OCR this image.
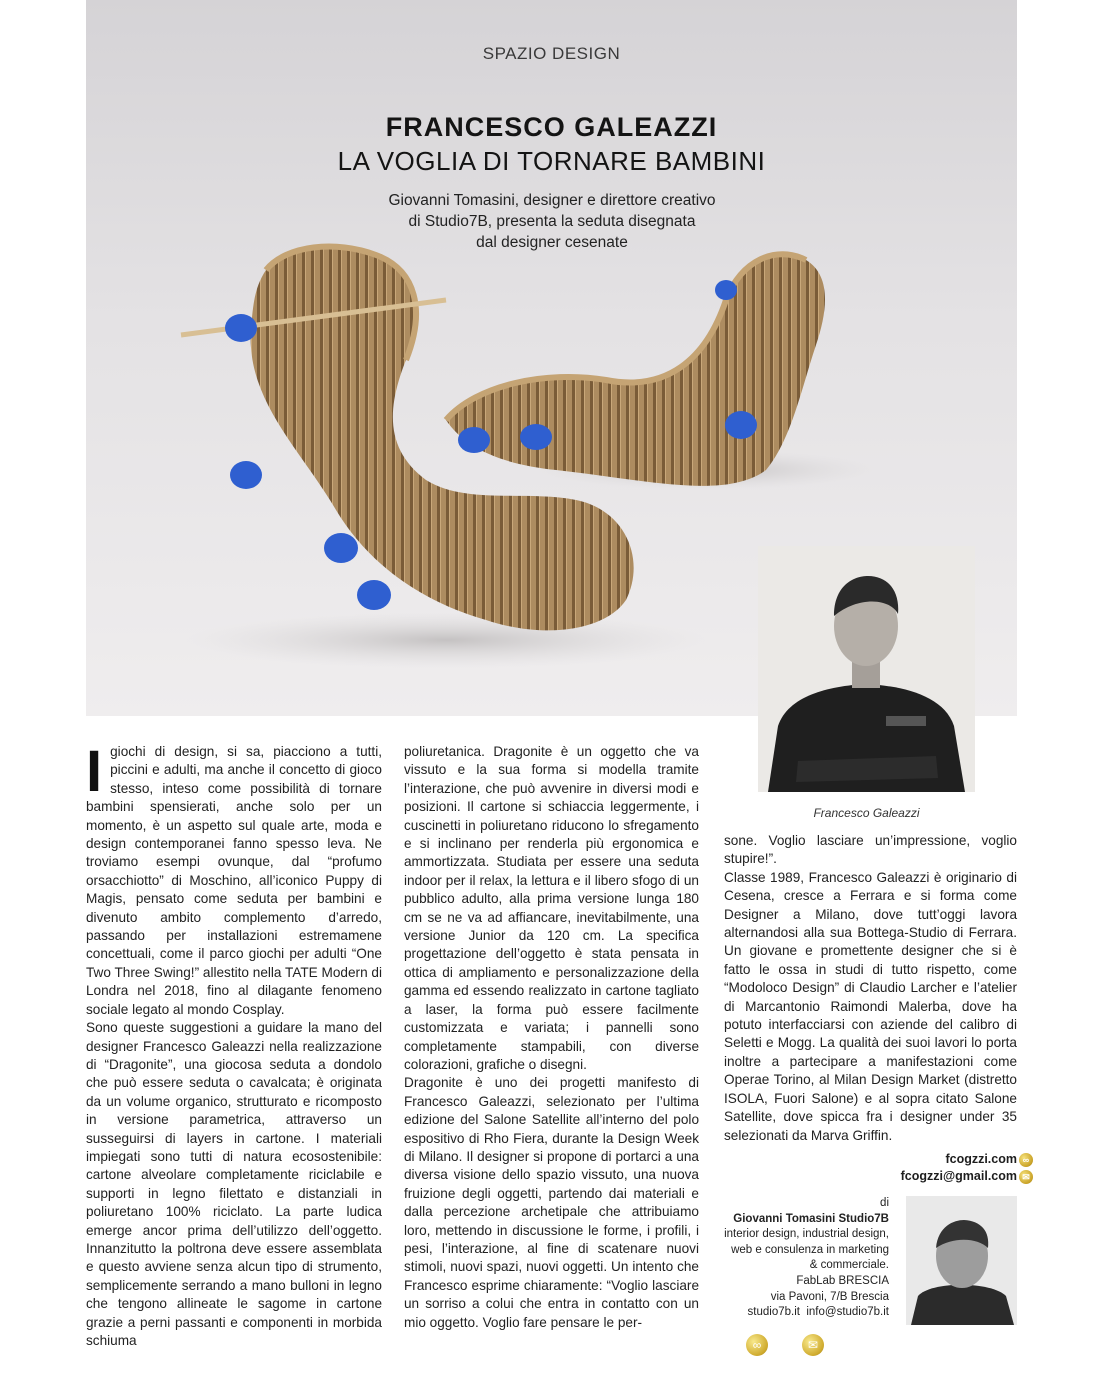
SPAZIO DESIGN
FRANCESCO GALEAZZI
LA VOGLIA DI TORNARE BAMBINI
Giovanni Tomasini, designer e direttore creativo
di Studio7B, presenta la seduta disegnata
dal designer cesenate
Francesco Galeazzi
I giochi di design, si sa, piacciono a tutti, piccini e adulti, ma anche il concetto di gioco stesso, inteso come possibilità di tornare bambini spensierati, anche solo per un momento, è un aspetto sul quale arte, moda e design contemporanei fanno spesso leva. Ne troviamo esempi ovunque, dal “profumo orsacchiotto” di Moschino, all’iconico Puppy di Magis, pensato come seduta per bambini e divenuto ambito complemento d’arredo, passando per installazioni estremamene concettuali, come il parco giochi per adulti “One Two Three Swing!” allestito nella TATE Modern di Londra nel 2018, fino al dilagante fenomeno sociale legato al mondo Cosplay.

Sono queste suggestioni a guidare la mano del designer Francesco Galeazzi nella realizzazione di “Dragonite”, una giocosa seduta a dondolo che può essere seduta o cavalcata; è originata da un volume organico, strutturato e ricomposto in versione parametrica, attraverso un susseguirsi di layers in cartone. I materiali impiegati sono tutti di natura ecosostenibile: cartone alveolare completamente riciclabile e supporti in legno filettato e distanziali in poliuretano 100% riciclato. La parte ludica emerge ancor prima dell’utilizzo dell’oggetto. Innanzitutto la poltrona deve essere assemblata e questo avviene senza alcun tipo di strumento, semplicemente serrando a mano bulloni in legno che tengono allineate le sagome in cartone grazie a perni passanti e componenti in morbida schiuma

poliuretanica. Dragonite è un oggetto che va vissuto e la sua forma si modella tramite l’interazione, che può avvenire in diversi modi e posizioni. Il cartone si schiaccia leggermente, i cuscinetti in poliuretano riducono lo sfregamento e si inclinano per renderla più ergonomica e ammortizzata. Studiata per essere una seduta indoor per il relax, la lettura e il libero sfogo di un pubblico adulto, alla prima versione lunga 180 cm se ne va ad affiancare, inevitabilmente, una versione Junior da 120 cm. La specifica progettazione dell’oggetto è stata pensata in ottica di ampliamento e personalizzazione della gamma ed essendo realizzato in cartone tagliato a laser, la forma può essere facilmente customizzata e variata; i pannelli sono completamente stampabili, con diverse colorazioni, grafiche o disegni.

Dragonite è uno dei progetti manifesto di Francesco Galeazzi, selezionato per l’ultima edizione del Salone Satellite all’interno del polo espositivo di Rho Fiera, durante la Design Week di Milano. Il designer si propone di portarci a una diversa visione dello spazio vissuto, una nuova fruizione degli oggetti, partendo dai materiali e dalla percezione archetipale che attribuiamo loro, mettendo in discussione le forme, i profili, i pesi, l’interazione, al fine di scatenare nuovi stimoli, nuovi spazi, nuovi oggetti. Un intento che Francesco esprime chiaramente: “Voglio lasciare un sorriso a colui che entra in contatto con un mio oggetto. Voglio fare pensare le per-

sone. Voglio lasciare un’impressione, voglio stupire!”.

Classe 1989, Francesco Galeazzi è originario di Cesena, cresce a Ferrara e si forma come Designer a Milano, dove tutt’oggi lavora alternandosi alla sua Bottega-Studio di Ferrara. Un giovane e promettente designer che si è fatto le ossa in studi di tutto rispetto, come “Modoloco Design” di Claudio Larcher e l’atelier di Marcantonio Raimondi Malerba, dove ha potuto interfacciarsi con aziende del calibro di Seletti e Mogg. La qualità dei suoi lavori lo porta inoltre a partecipare a manifestazioni come Operae Torino, al Milan Design Market (distretto ISOLA, Fuori Salone) e al sopra citato Salone Satellite, dove spicca fra i designer under 35 selezionati da Marva Griffin.

fcogzzi.com ∞
fcogzzi@gmail.com ✉
di
Giovanni Tomasini Studio7B
interior design, industrial design,
web e consulenza in marketing
& commerciale.
FabLab BRESCIA
via Pavoni, 7/B Brescia
studio7b.it info@studio7b.it
∞	✉
